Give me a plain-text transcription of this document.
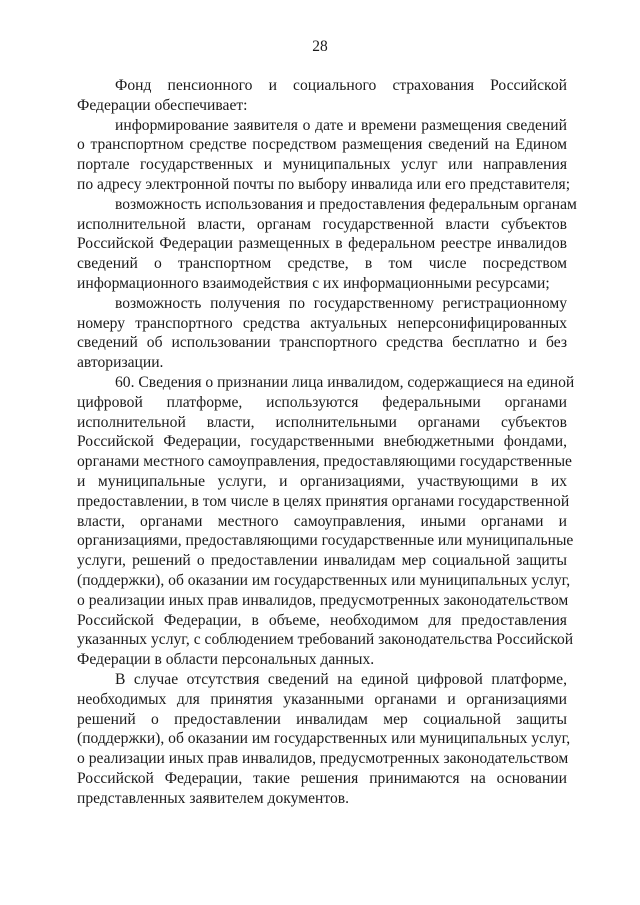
28
Фонд пенсионного и социального страхования Российской
Федерации обеспечивает:
информирование заявителя о дате и времени размещения сведений
о транспортном средстве посредством размещения сведений на Едином
портале государственных и муниципальных услуг или направления
по адресу электронной почты по выбору инвалида или его представителя;
возможность использования и предоставления федеральным органам
исполнительной власти, органам государственной власти субъектов
Российской Федерации размещенных в федеральном реестре инвалидов
сведений о транспортном средстве, в том числе посредством
информационного взаимодействия с их информационными ресурсами;
возможность получения по государственному регистрационному
номеру транспортного средства актуальных неперсонифицированных
сведений об использовании транспортного средства бесплатно и без
авторизации.
60. Сведения о признании лица инвалидом, содержащиеся на единой
цифровой платформе, используются федеральными органами
исполнительной власти, исполнительными органами субъектов
Российской Федерации, государственными внебюджетными фондами,
органами местного самоуправления, предоставляющими государственные
и муниципальные услуги, и организациями, участвующими в их
предоставлении, в том числе в целях принятия органами государственной
власти, органами местного самоуправления, иными органами и
организациями, предоставляющими государственные или муниципальные
услуги, решений о предоставлении инвалидам мер социальной защиты
(поддержки), об оказании им государственных или муниципальных услуг,
о реализации иных прав инвалидов, предусмотренных законодательством
Российской Федерации, в объеме, необходимом для предоставления
указанных услуг, с соблюдением требований законодательства Российской
Федерации в области персональных данных.
В случае отсутствия сведений на единой цифровой платформе,
необходимых для принятия указанными органами и организациями
решений о предоставлении инвалидам мер социальной защиты
(поддержки), об оказании им государственных или муниципальных услуг,
о реализации иных прав инвалидов, предусмотренных законодательством
Российской Федерации, такие решения принимаются на основании
представленных заявителем документов.
